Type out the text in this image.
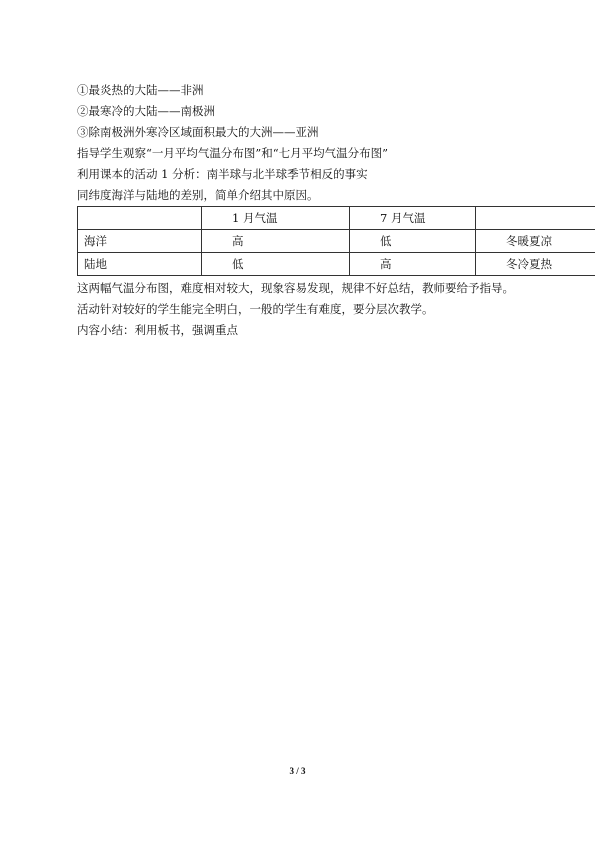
①最炎热的大陆——非洲
②最寒冷的大陆——南极洲
③除南极洲外寒冷区域面积最大的大洲——亚洲
指导学生观察“一月平均气温分布图”和“七月平均气温分布图”
利用课本的活动 1 分析：南半球与北半球季节相反的事实
同纬度海洋与陆地的差别，简单介绍其中原因。
	1 月气温	7 月气温	
海洋	高	低	冬暖夏凉
陆地	低	高	冬冷夏热
这两幅气温分布图，难度相对较大，现象容易发现，规律不好总结，教师要给予指导。
活动针对较好的学生能完全明白，一般的学生有难度，要分层次教学。
内容小结：利用板书，强调重点
3 / 3
